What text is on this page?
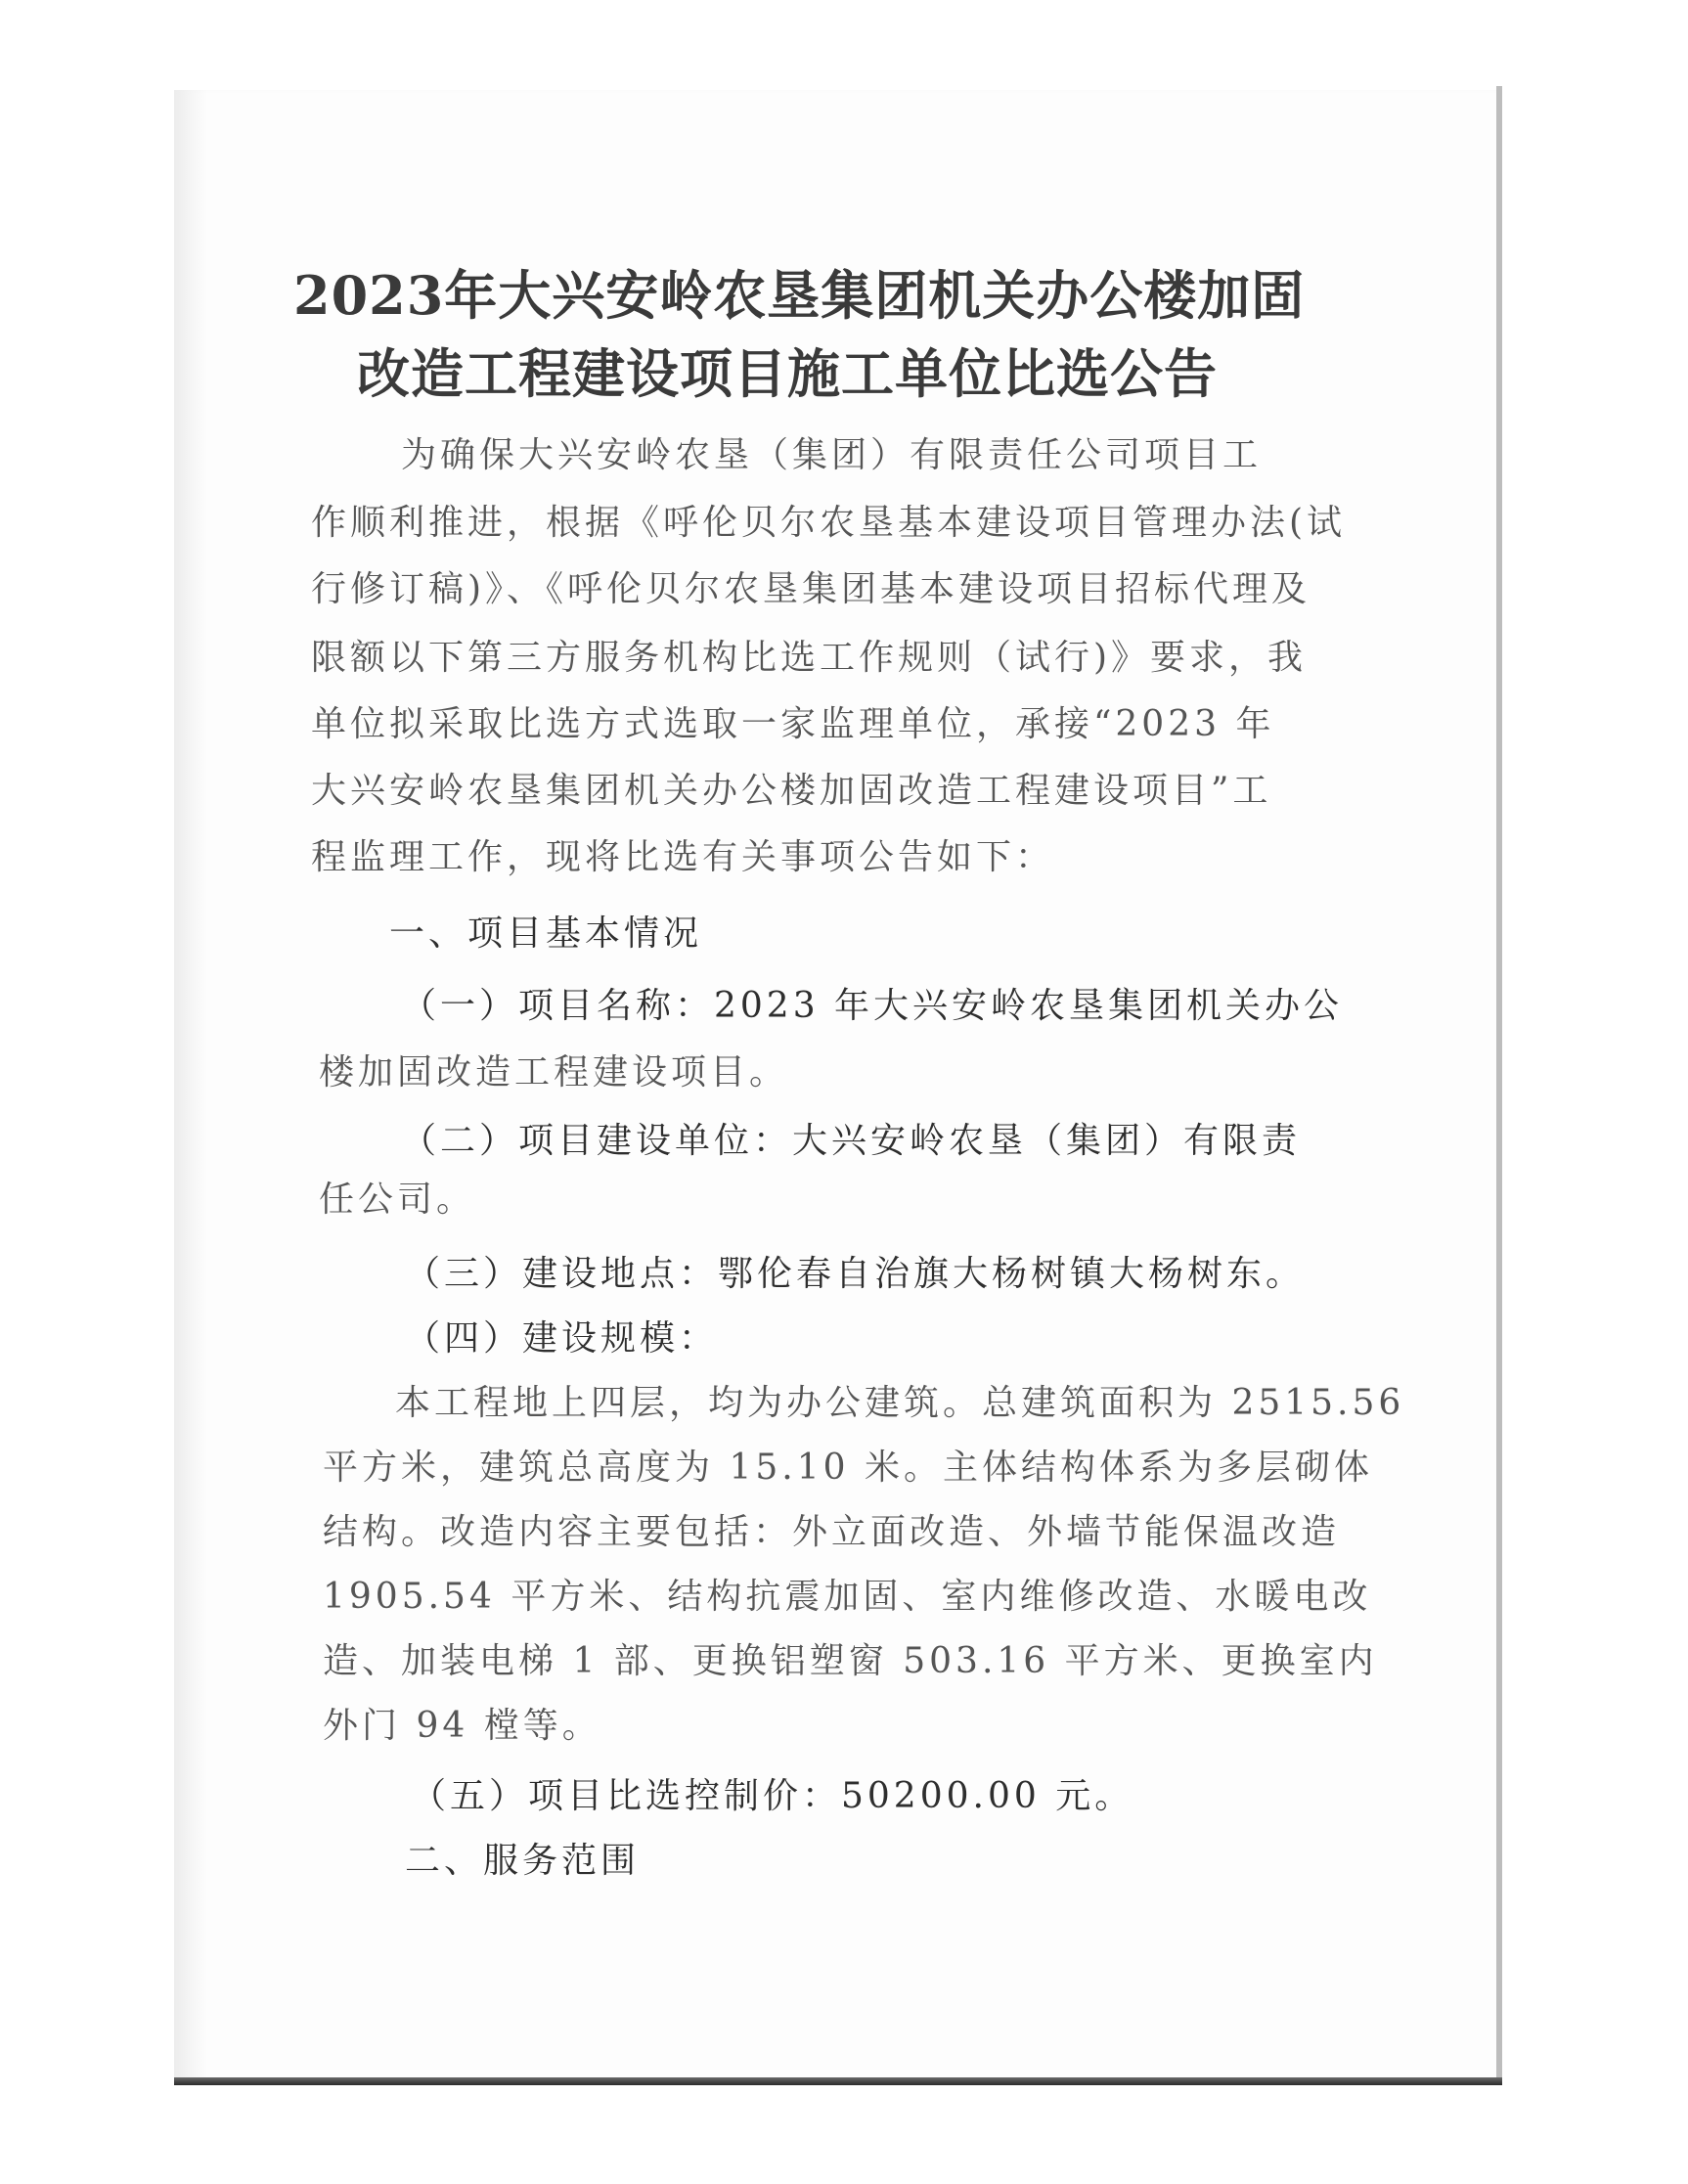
2023年大兴安岭农垦集团机关办公楼加固
改造工程建设项目施工单位比选公告
为确保大兴安岭农垦（集团）有限责任公司项目工
作顺利推进，根据《呼伦贝尔农垦基本建设项目管理办法(试
行修订稿)》、《呼伦贝尔农垦集团基本建设项目招标代理及
限额以下第三方服务机构比选工作规则（试行)》要求，我
单位拟采取比选方式选取一家监理单位，承接“2023 年
大兴安岭农垦集团机关办公楼加固改造工程建设项目”工
程监理工作，现将比选有关事项公告如下：
一、项目基本情况
（一）项目名称：2023 年大兴安岭农垦集团机关办公
楼加固改造工程建设项目。
（二）项目建设单位：大兴安岭农垦（集团）有限责
任公司。
（三）建设地点：鄂伦春自治旗大杨树镇大杨树东。
（四）建设规模：
本工程地上四层，均为办公建筑。总建筑面积为 2515.56
平方米，建筑总高度为 15.10 米。主体结构体系为多层砌体
结构。改造内容主要包括：外立面改造、外墙节能保温改造
1905.54 平方米、结构抗震加固、室内维修改造、水暖电改
造、加装电梯 1 部、更换铝塑窗 503.16 平方米、更换室内
外门 94 樘等。
（五）项目比选控制价：50200.00 元。
二、服务范围
